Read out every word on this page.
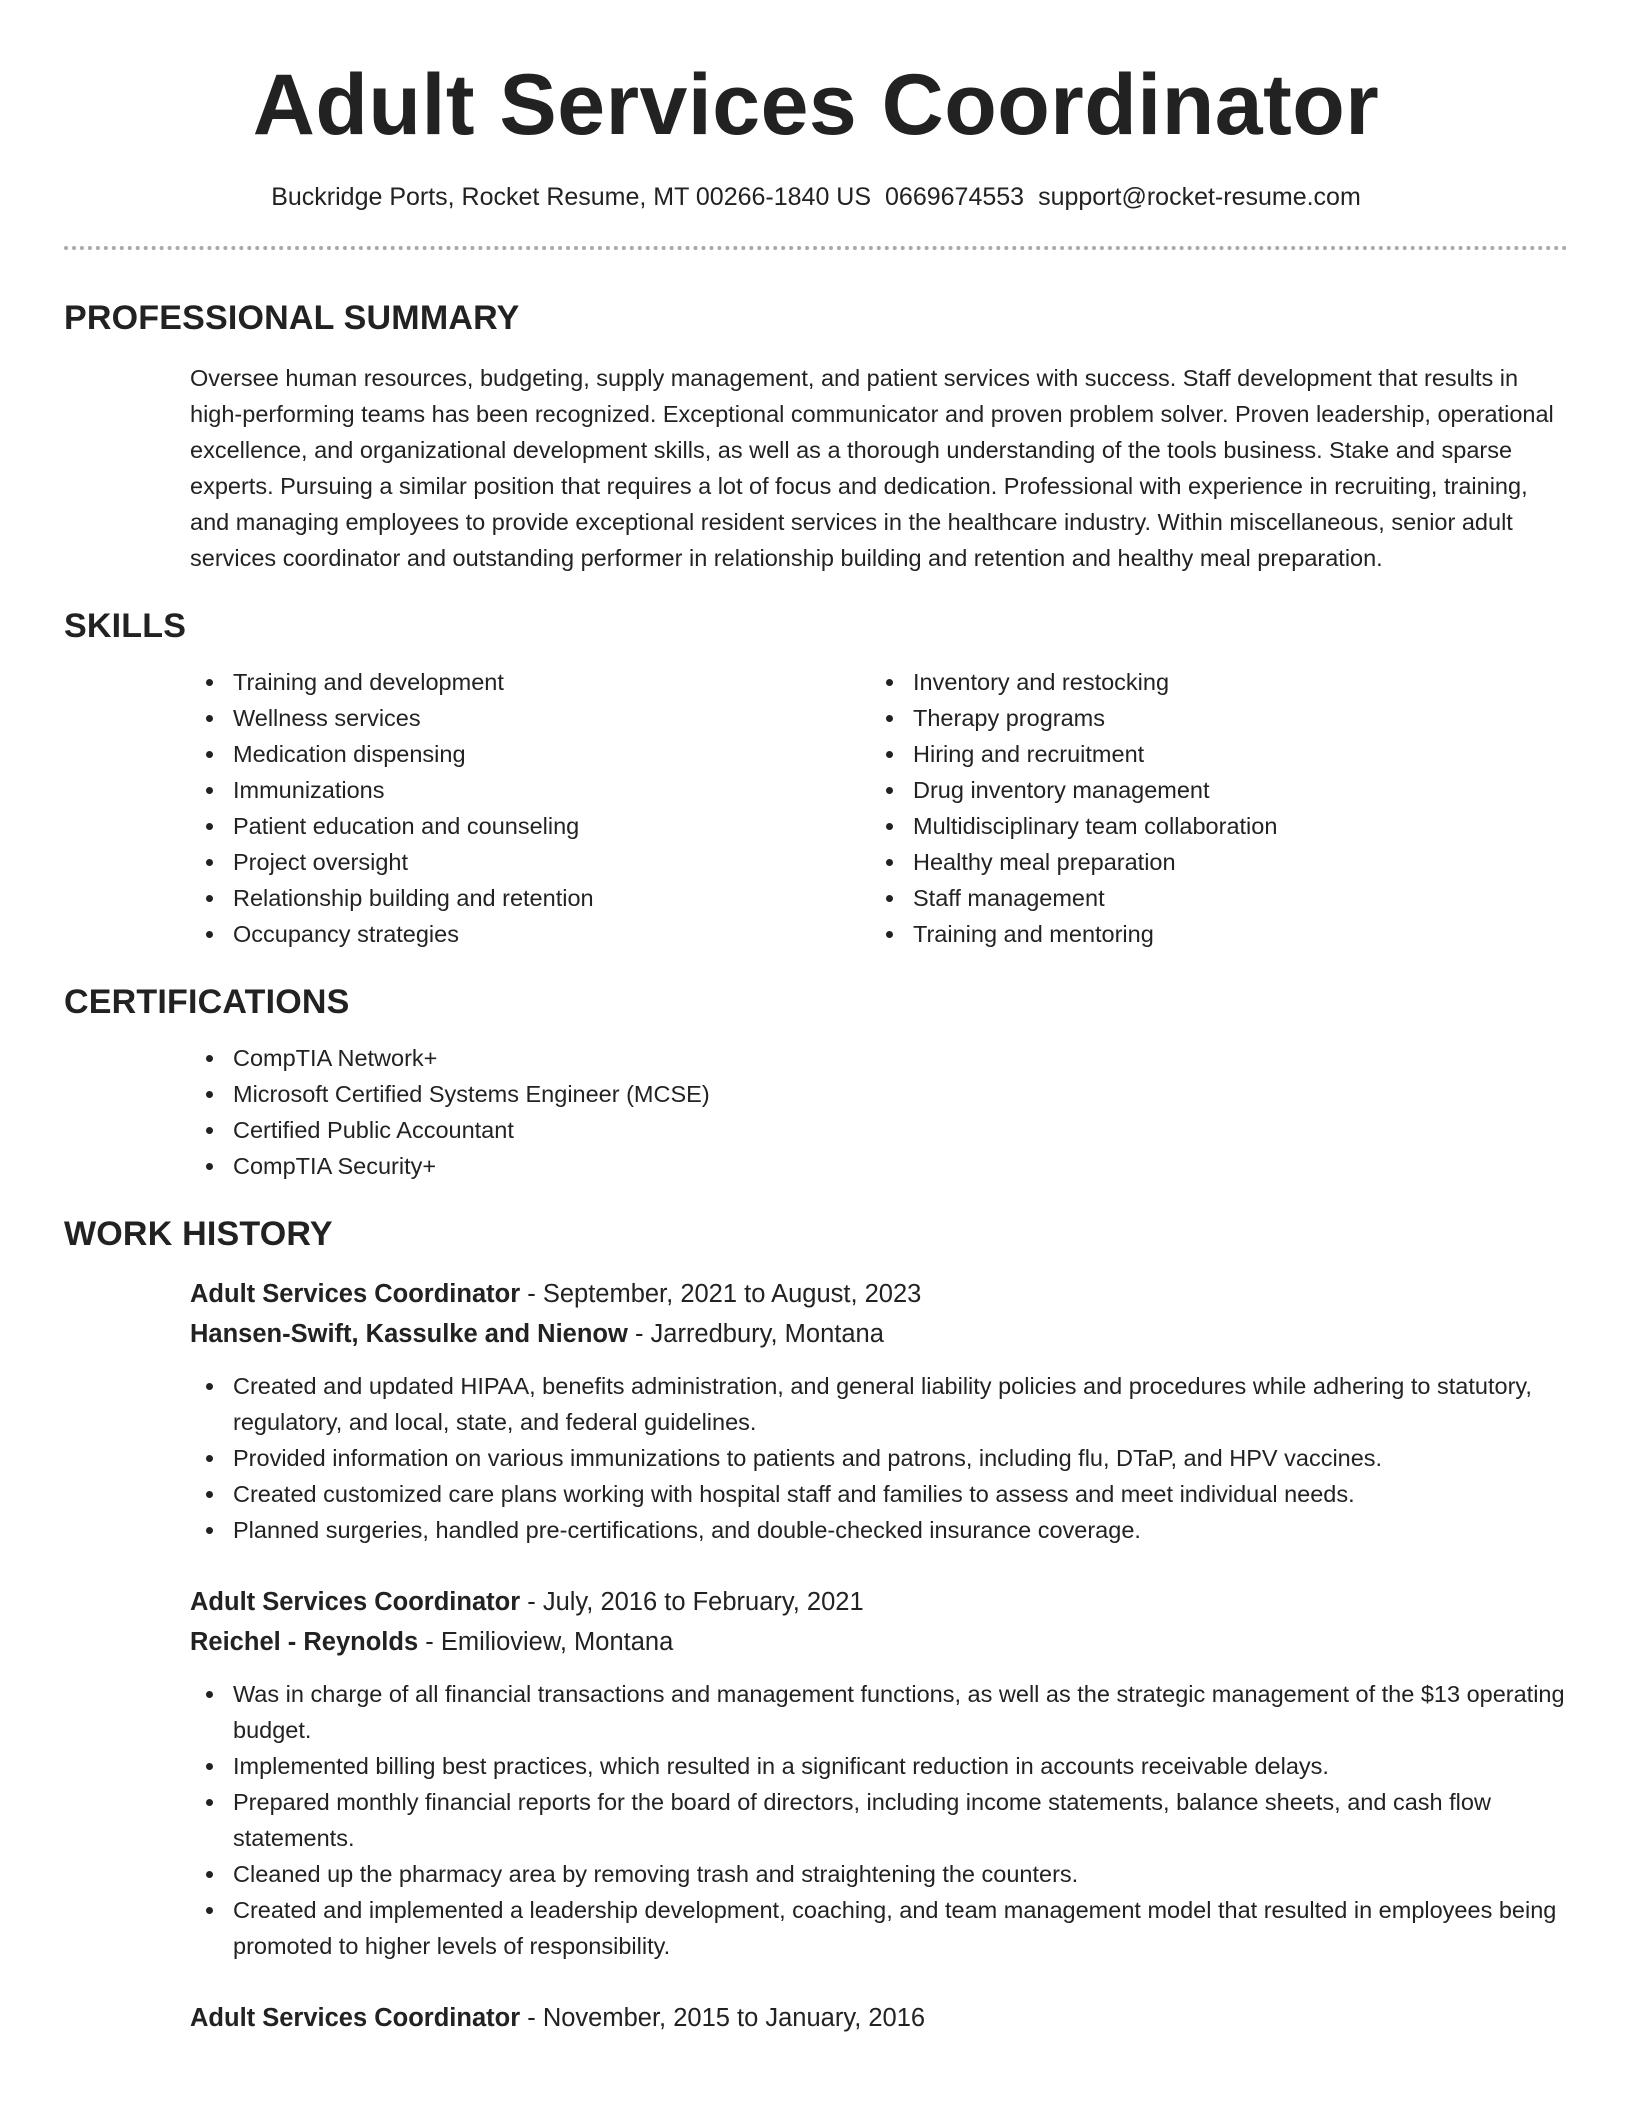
Adult Services Coordinator
Buckridge Ports, Rocket Resume, MT 00266-1840 US 0669674553 support@rocket-resume.com
PROFESSIONAL SUMMARY

Oversee human resources, budgeting, supply management, and patient services with success. Staff development that results in high-performing teams has been recognized. Exceptional communicator and proven problem solver. Proven leadership, operational excellence, and organizational development skills, as well as a thorough understanding of the tools business. Stake and sparse experts. Pursuing a similar position that requires a lot of focus and dedication. Professional with experience in recruiting, training, and managing employees to provide exceptional resident services in the healthcare industry. Within miscellaneous, senior adult services coordinator and outstanding performer in relationship building and retention and healthy meal preparation.

SKILLS
Training and development
Wellness services
Medication dispensing
Immunizations
Patient education and counseling
Project oversight
Relationship building and retention
Occupancy strategies
Inventory and restocking
Therapy programs
Hiring and recruitment
Drug inventory management
Multidisciplinary team collaboration
Healthy meal preparation
Staff management
Training and mentoring
CERTIFICATIONS
CompTIA Network+
Microsoft Certified Systems Engineer (MCSE)
Certified Public Accountant
CompTIA Security+
WORK HISTORY
Adult Services Coordinator - September, 2021 to August, 2023
Hansen-Swift, Kassulke and Nienow - Jarredbury, Montana
Created and updated HIPAA, benefits administration, and general liability policies and procedures while adhering to statutory, regulatory, and local, state, and federal guidelines.
Provided information on various immunizations to patients and patrons, including flu, DTaP, and HPV vaccines.
Created customized care plans working with hospital staff and families to assess and meet individual needs.
Planned surgeries, handled pre-certifications, and double-checked insurance coverage.
Adult Services Coordinator - July, 2016 to February, 2021
Reichel - Reynolds - Emilioview, Montana
Was in charge of all financial transactions and management functions, as well as the strategic management of the $13 operating budget.
Implemented billing best practices, which resulted in a significant reduction in accounts receivable delays.
Prepared monthly financial reports for the board of directors, including income statements, balance sheets, and cash flow statements.
Cleaned up the pharmacy area by removing trash and straightening the counters.
Created and implemented a leadership development, coaching, and team management model that resulted in employees being promoted to higher levels of responsibility.
Adult Services Coordinator - November, 2015 to January, 2016
